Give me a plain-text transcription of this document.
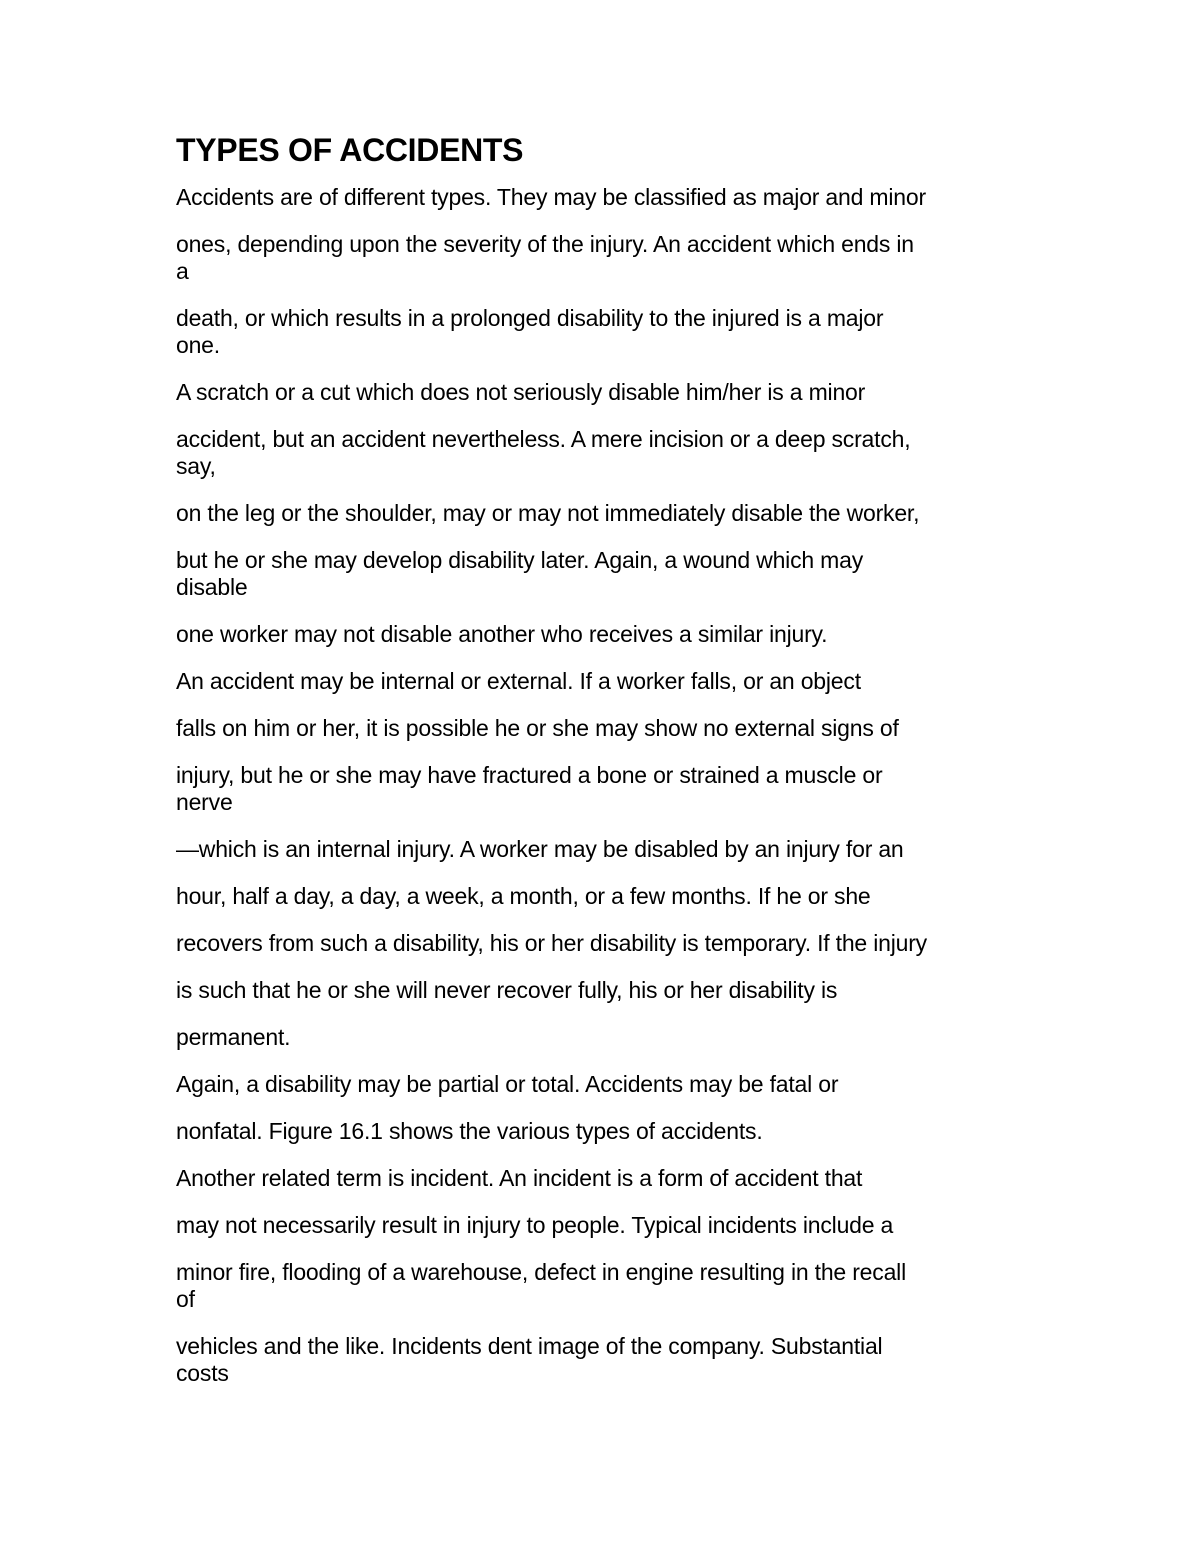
TYPES OF ACCIDENTS
Accidents are of different types. They may be classified as major and minor
ones, depending upon the severity of the injury. An accident which ends in
a
death, or which results in a prolonged disability to the injured is a major
one.
A scratch or a cut which does not seriously disable him/her is a minor
accident, but an accident nevertheless. A mere incision or a deep scratch,
say,
on the leg or the shoulder, may or may not immediately disable the worker,
but he or she may develop disability later. Again, a wound which may
disable
one worker may not disable another who receives a similar injury.
An accident may be internal or external. If a worker falls, or an object
falls on him or her, it is possible he or she may show no external signs of
injury, but he or she may have fractured a bone or strained a muscle or
nerve
—which is an internal injury. A worker may be disabled by an injury for an
hour, half a day, a day, a week, a month, or a few months. If he or she
recovers from such a disability, his or her disability is temporary. If the injury
is such that he or she will never recover fully, his or her disability is
permanent.
Again, a disability may be partial or total. Accidents may be fatal or
nonfatal. Figure 16.1 shows the various types of accidents.
Another related term is incident. An incident is a form of accident that
may not necessarily result in injury to people. Typical incidents include a
minor fire, flooding of a warehouse, defect in engine resulting in the recall
of
vehicles and the like. Incidents dent image of the company. Substantial
costs
